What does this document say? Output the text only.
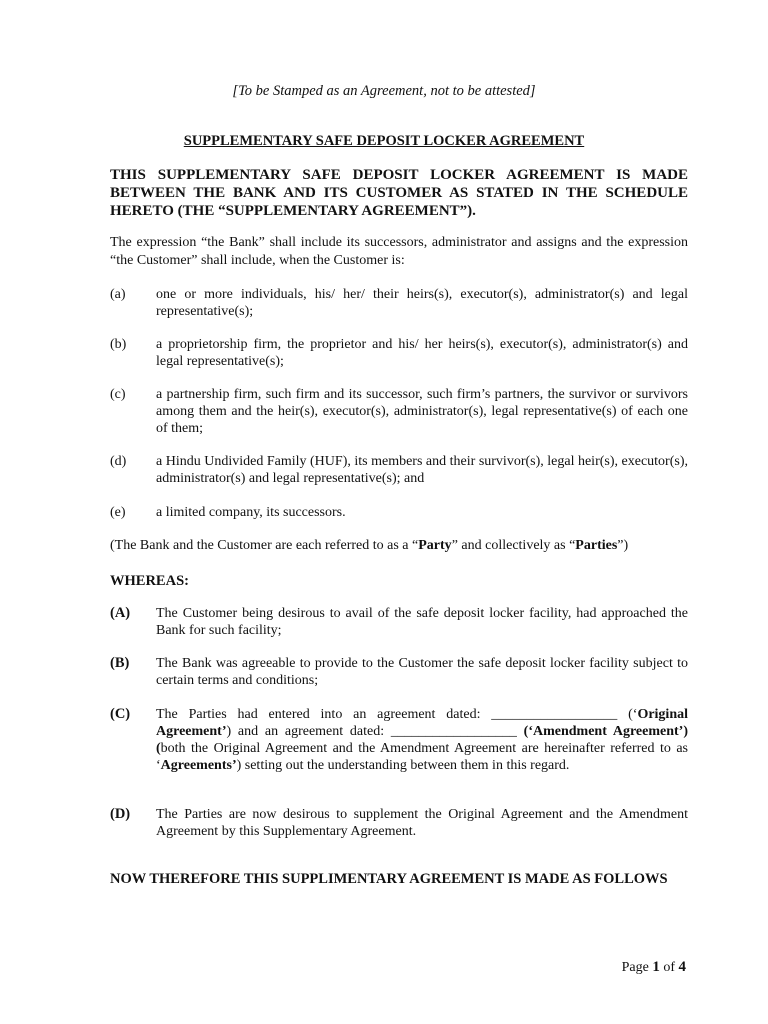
[To be Stamped as an Agreement, not to be attested]
SUPPLEMENTARY SAFE DEPOSIT LOCKER AGREEMENT
THIS SUPPLEMENTARY SAFE DEPOSIT LOCKER AGREEMENT IS MADE BETWEEN THE BANK AND ITS CUSTOMER AS STATED IN THE SCHEDULE HERETO (THE “SUPPLEMENTARY AGREEMENT”).
The expression “the Bank” shall include its successors, administrator and assigns and the expression “the Customer” shall include, when the Customer is:
(a) one or more individuals, his/ her/ their heirs(s), executor(s), administrator(s) and legal representative(s);
(b) a proprietorship firm, the proprietor and his/ her heirs(s), executor(s), administrator(s) and legal representative(s);
(c) a partnership firm, such firm and its successor, such firm’s partners, the survivor or survivors among them and the heir(s), executor(s), administrator(s), legal representative(s) of each one of them;
(d) a Hindu Undivided Family (HUF), its members and their survivor(s), legal heir(s), executor(s), administrator(s) and legal representative(s); and
(e) a limited company, its successors.
(The Bank and the Customer are each referred to as a “Party” and collectively as “Parties”)
WHEREAS:
(A) The Customer being desirous to avail of the safe deposit locker facility, had approached the Bank for such facility;
(B) The Bank was agreeable to provide to the Customer the safe deposit locker facility subject to certain terms and conditions;
(C) The Parties had entered into an agreement dated: __________________ (‘Original Agreement’) and an agreement dated: __________________ (‘Amendment Agreement’) (both the Original Agreement and the Amendment Agreement are hereinafter referred to as ‘Agreements’) setting out the understanding between them in this regard.
(D) The Parties are now desirous to supplement the Original Agreement and the Amendment Agreement by this Supplementary Agreement.
NOW THEREFORE THIS SUPPLIMENTARY AGREEMENT IS MADE AS FOLLOWS
Page 1 of 4
